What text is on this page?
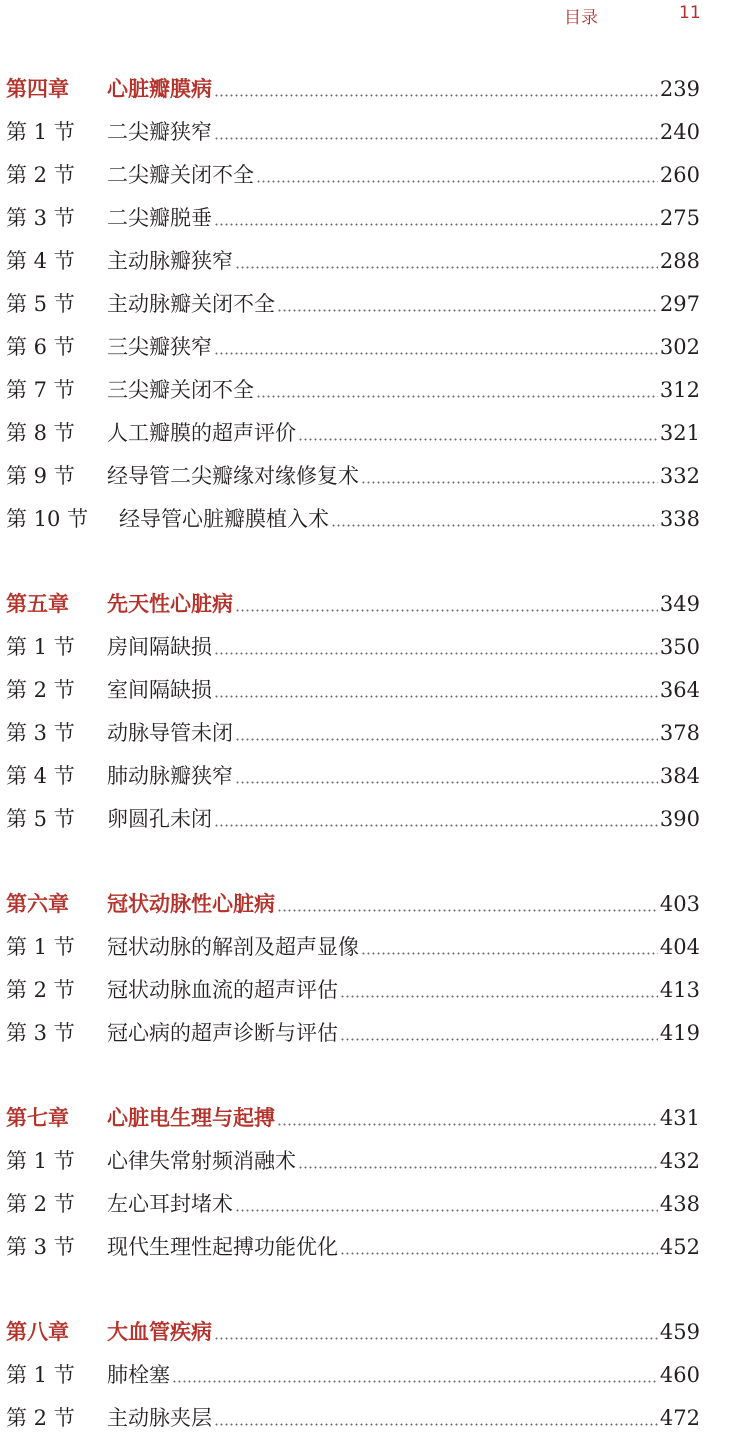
目录	11
第四章	心脏瓣膜病	239
第 1 节	二尖瓣狭窄	240
第 2 节	二尖瓣关闭不全	260
第 3 节	二尖瓣脱垂	275
第 4 节	主动脉瓣狭窄	288
第 5 节	主动脉瓣关闭不全	297
第 6 节	三尖瓣狭窄	302
第 7 节	三尖瓣关闭不全	312
第 8 节	人工瓣膜的超声评价	321
第 9 节	经导管二尖瓣缘对缘修复术	332
第 10 节	经导管心脏瓣膜植入术	338
第五章	先天性心脏病	349
第 1 节	房间隔缺损	350
第 2 节	室间隔缺损	364
第 3 节	动脉导管未闭	378
第 4 节	肺动脉瓣狭窄	384
第 5 节	卵圆孔未闭	390
第六章	冠状动脉性心脏病	403
第 1 节	冠状动脉的解剖及超声显像	404
第 2 节	冠状动脉血流的超声评估	413
第 3 节	冠心病的超声诊断与评估	419
第七章	心脏电生理与起搏	431
第 1 节	心律失常射频消融术	432
第 2 节	左心耳封堵术	438
第 3 节	现代生理性起搏功能优化	452
第八章	大血管疾病	459
第 1 节	肺栓塞	460
第 2 节	主动脉夹层	472
